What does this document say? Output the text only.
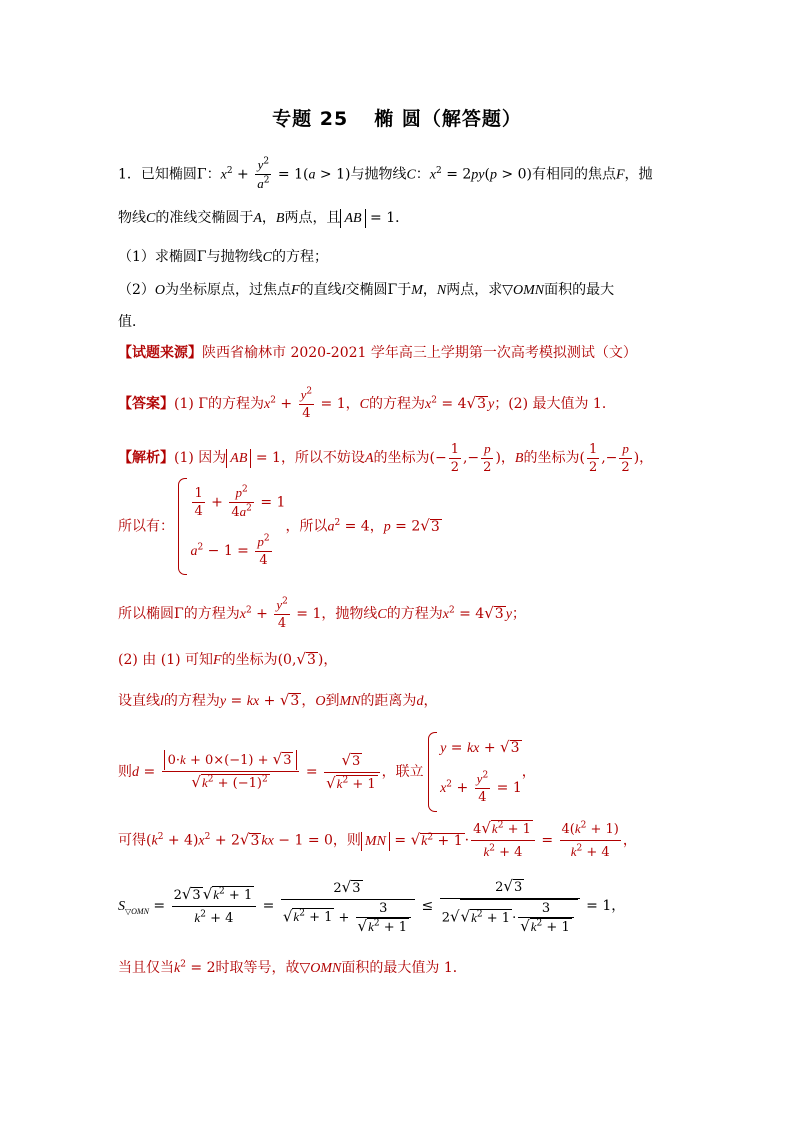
专题 25 椭 圆（解答题）
1．已知椭圆Γ：$x^2 + \frac{y^2}{a^2} = 1(a > 1)$与抛物线C：$x^2 = 2py(p > 0)$有相同的焦点F，抛
物线C的准线交椭圆于A，B两点，且 AB = 1．
（1）求椭圆Γ与抛物线C的方程；
（2）O为坐标原点，过焦点F的直线l交椭圆Γ于M，N两点，求▽OMN面积的最大
值．
【试题来源】陕西省榆林市 2020-2021 学年高三上学期第一次高考模拟测试（文）
【答案】(1) Γ的方程为$x^2 + \frac{y^2}{4} = 1$，C的方程为$x^2 = 4√3$ y；(2) 最大值为 1．
【解析】(1) 因为 AB = 1，所以不妨设A的坐标为(− $\frac{1}{2}$ ,− $\frac{p}{2}$ )，B的坐标为( $\frac{1}{2}$ ,− $\frac{p}{2}$ )，
所以有：
$\frac{1}{4} + \frac{p^2}{4a^2} = 1$
$a^2 - 1 = \frac{p^2}{4}$
，所以$a^2 = 4$，p = 2√3
所以椭圆Γ的方程为$x^2 + \frac{y^2}{4} = 1$，抛物线C的方程为$x^2 = 4√3$ y；
(2) 由 (1) 可知F的坐标为(0,√3 )，
设直线l的方程为y = kx + √3 ，O到MN的距离为d，
则$d = \frac{0\cdot k + 0\times(-1) + √3}{√k^2 + (-1)^2} = \frac{√3}{√k^2 + 1}$ ，联立
y = kx + √3
$x^2 + \frac{y^2}{4} = 1$
，
可得$(k^2 + 4)x^2 + 2√3$ kx − 1 = 0，则 MN = $√k^2 + 1 \cdot \frac{4√k^2 + 1}{k^2 + 4} = \frac{4(k^2 + 1)}{k^2 + 4}$ ，
$S_{▽OMN} = \frac{2√3 √k^2 + 1}{k^2 + 4} = \frac{2√3}{√k^2 + 1 + \frac{3}{√k^2 + 1}} \le \frac{2√3}{2√√k^2 + 1 \cdot \frac{3}{√k^2 + 1}} = 1$，
当且仅当$k^2 = 2$时取等号，故▽OMN面积的最大值为 1．
